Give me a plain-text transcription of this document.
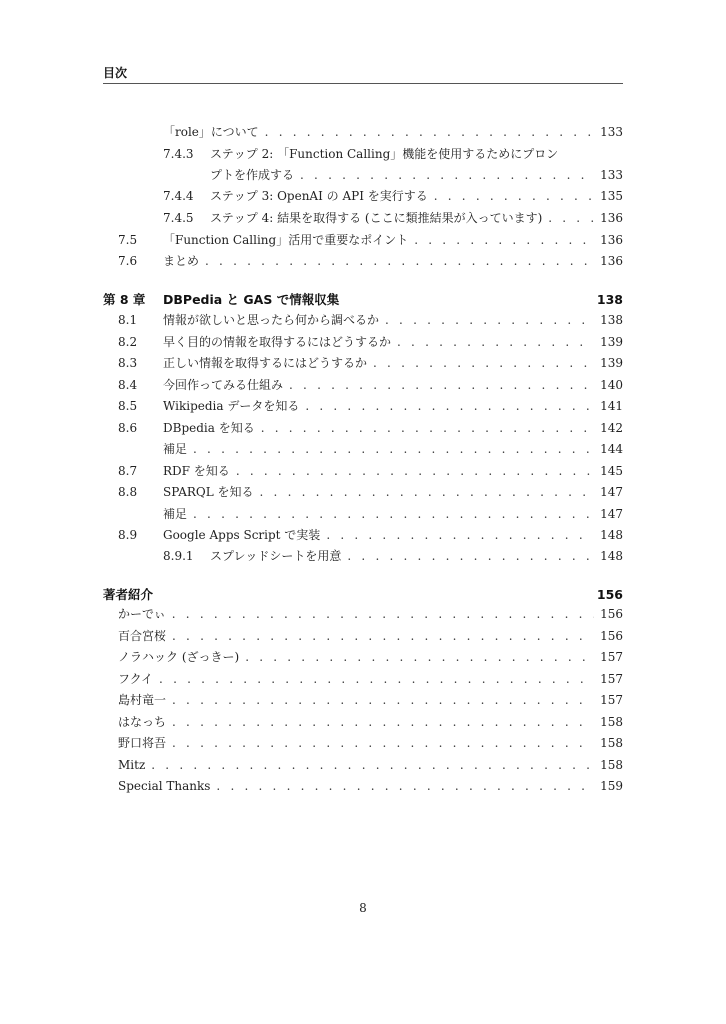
目次
「role」について . . .	133
7.4.3	ステップ 2: 「Function Calling」機能を使用するためにプロン
プトを作成する . . .	133
7.4.4	ステップ 3: OpenAI の API を実行する . . .	135
7.4.5	ステップ 4: 結果を取得する (ここに類推結果が入っています) . . .	136
7.5	「Function Calling」活用で重要なポイント . . .	136
7.6	まとめ . . .	136
第 8 章	DBPedia と GAS で情報収集	138
8.1	情報が欲しいと思ったら何から調べるか . . .	138
8.2	早く目的の情報を取得するにはどうするか . . .	139
8.3	正しい情報を取得するにはどうするか . . .	139
8.4	今回作ってみる仕組み . . .	140
8.5	Wikipedia データを知る . . .	141
8.6	DBpedia を知る . . .	142
補足 . . .	144
8.7	RDF を知る . . .	145
8.8	SPARQL を知る . . .	147
補足 . . .	147
8.9	Google Apps Script で実装 . . .	148
8.9.1	スプレッドシートを用意 . . .	148
著者紹介	156
かーでぃ . . .	156
百合宮桜 . . .	156
ノラハック (ざっきー) . . .	157
フクイ . . .	157
島村竜一 . . .	157
はなっち . . .	158
野口将吾 . . .	158
Mitz . . .	158
Special Thanks . . .	159
8
